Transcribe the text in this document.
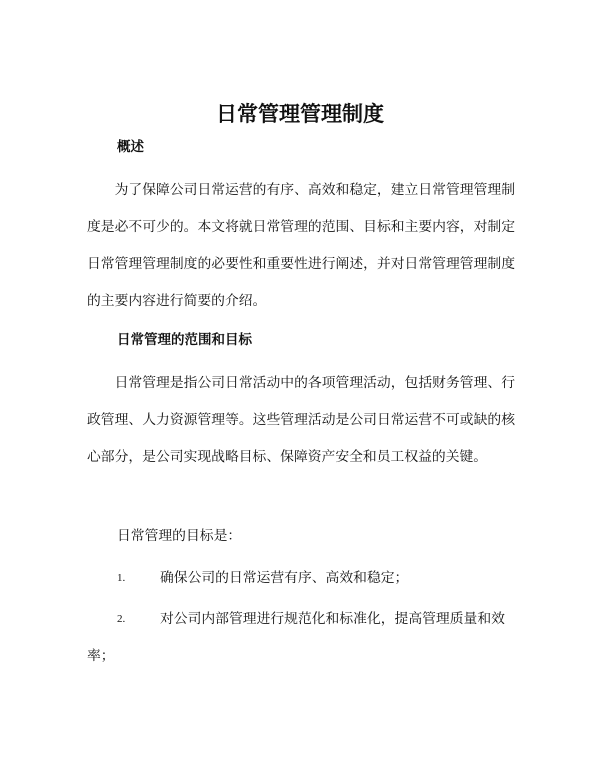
日常管理管理制度
概述

为了保障公司日常运营的有序、高效和稳定，建立日常管理管理制度是必不可少的。本文将就日常管理的范围、目标和主要内容，对制定日常管理管理制度的必要性和重要性进行阐述，并对日常管理管理制度的主要内容进行简要的介绍。

日常管理的范围和目标

日常管理是指公司日常活动中的各项管理活动，包括财务管理、行政管理、人力资源管理等。这些管理活动是公司日常运营不可或缺的核心部分，是公司实现战略目标、保障资产安全和员工权益的关键。

日常管理的目标是：

1.	确保公司的日常运营有序、高效和稳定；
2.	对公司内部管理进行规范化和标准化，提高管理质量和效率；
